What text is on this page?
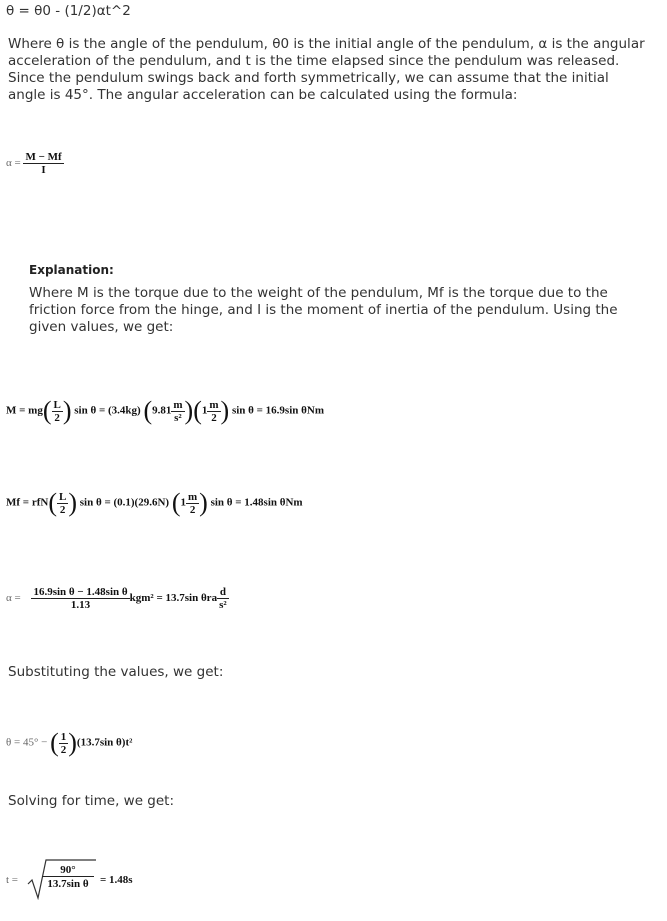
θ = θ0 - (1/2)αt^2
Where θ is the angle of the pendulum, θ0 is the initial angle of the pendulum, α is the angular acceleration of the pendulum, and t is the time elapsed since the pendulum was released. Since the pendulum swings back and forth symmetrically, we can assume that the initial angle is 45°. The angular acceleration can be calculated using the formula:
$\alpha = \frac{M - Mf}{I}$
Explanation:
Where M is the torque due to the weight of the pendulum, Mf is the torque due to the friction force from the hinge, and I is the moment of inertia of the pendulum. Using the given values, we get:
$M = mg( \frac{L}{2}$ ) sin θ = (3.4kg) $(9.81 \frac{m}{\text{s²}} )(1 \frac{m}{2}$ ) sin θ = 16.9sin θNm
$Mf = rfN( \frac{L}{2}$ ) sin θ = (0.1)(29.6N) ($1 \frac{m}{2}$ ) sin θ = 1.48sin θNm
$\alpha = \frac{\text{16.9sin θ − 1.48sin θ}}{1.13} kgm^2 = 13.7\sin$ θra $\frac{d}{\text{s²}}$
Substituting the values, we get:
θ = 45° − ( $\frac{1}{2} )(13.7\sin$ θ)t²
Solving for time, we get:
$t = \frac{90^\circ}{\text{13.7sin θ}} = 1.48s$
